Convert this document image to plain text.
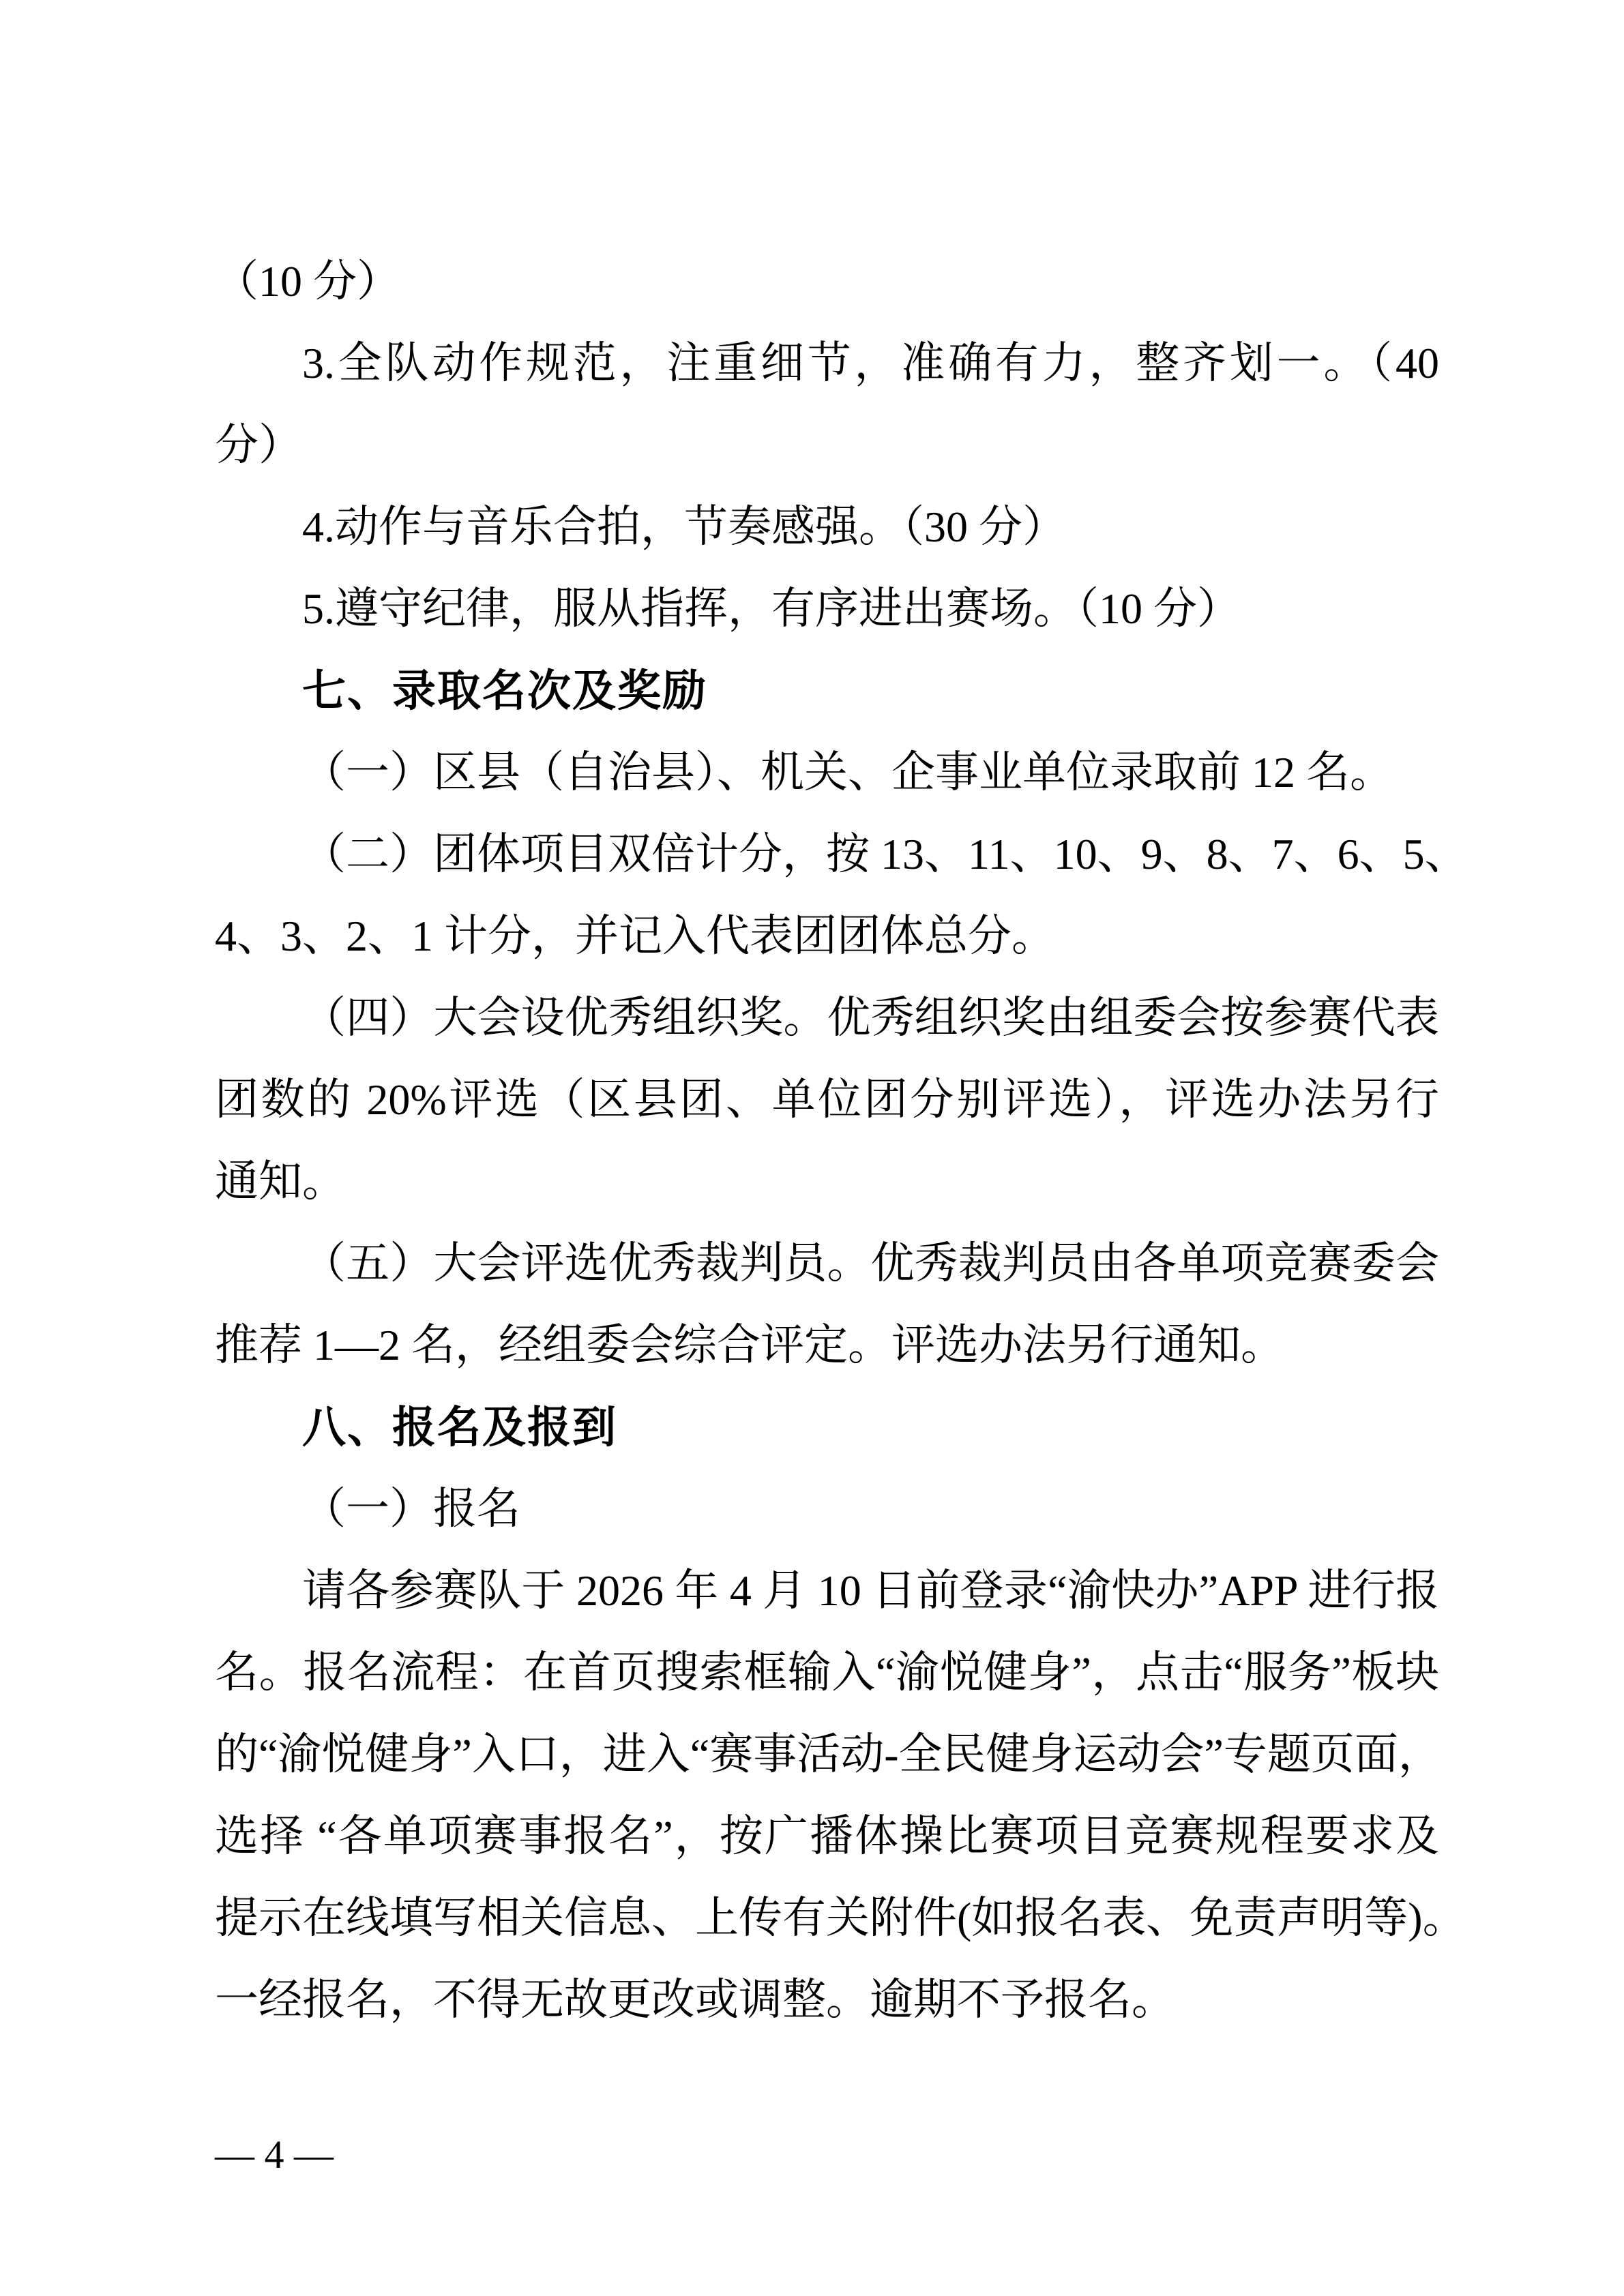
（10 分）
3.全队动作规范，注重细节，准确有力，整齐划一。（40
分）
4.动作与音乐合拍，节奏感强。（30 分）
5.遵守纪律，服从指挥，有序进出赛场。（10 分）
七、录取名次及奖励
（一）区县（自治县）、机关、企事业单位录取前 12 名。
（二）团体项目双倍计分，按 13、11、10、9、8、7、6、5、
4、3、2、1 计分，并记入代表团团体总分。
（四）大会设优秀组织奖。优秀组织奖由组委会按参赛代表
团数的 20%评选（区县团、单位团分别评选），评选办法另行
通知。
（五）大会评选优秀裁判员。优秀裁判员由各单项竞赛委会
推荐 1—2 名，经组委会综合评定。评选办法另行通知。
八、报名及报到
（一）报名
请各参赛队于 2026 年 4 月 10 日前登录“渝快办”APP 进行报
名。报名流程：在首页搜索框输入“渝悦健身”，点击“服务”板块
的“渝悦健身”入口，进入“赛事活动-全民健身运动会”专题页面，
选择 “各单项赛事报名”，按广播体操比赛项目竞赛规程要求及
提示在线填写相关信息、上传有关附件(如报名表、免责声明等)。
一经报名，不得无故更改或调整。逾期不予报名。
— 4 —
